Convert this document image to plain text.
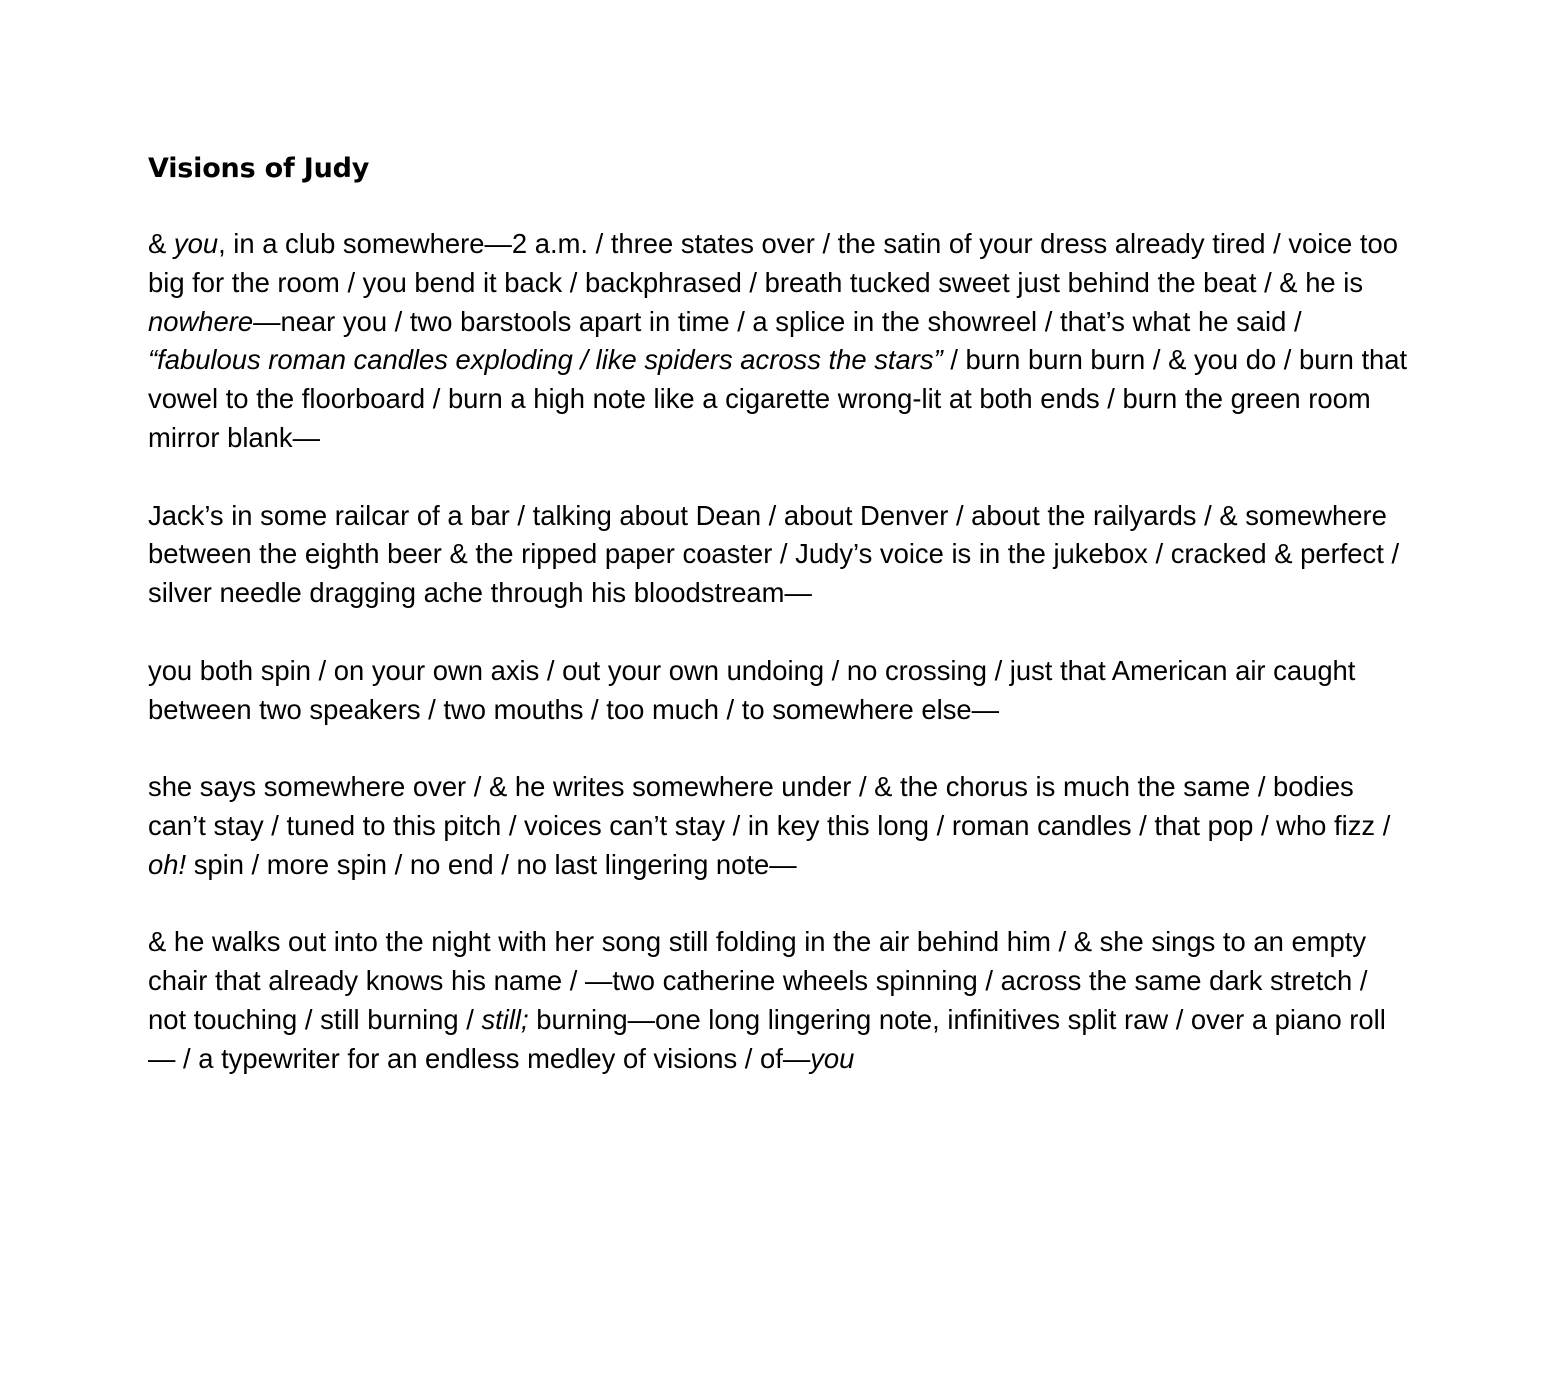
Visions of Judy

& you, in a club somewhere—2 a.m. / three states over / the satin of your dress already tired / voice too big for the room / you bend it back / backphrased / breath tucked sweet just behind the beat / & he is nowhere—near you / two barstools apart in time / a splice in the showreel / that’s what he said / “fabulous roman candles exploding / like spiders across the stars” / burn burn burn / & you do / burn that vowel to the floorboard / burn a high note like a cigarette wrong-lit at both ends / burn the green room mirror blank—

Jack’s in some railcar of a bar / talking about Dean / about Denver / about the railyards / & somewhere between the eighth beer & the ripped paper coaster / Judy’s voice is in the jukebox / cracked & perfect / silver needle dragging ache through his bloodstream—

you both spin / on your own axis / out your own undoing / no crossing / just that American air caught between two speakers / two mouths / too much / to somewhere else—

she says somewhere over / & he writes somewhere under / & the chorus is much the same / bodies can’t stay / tuned to this pitch / voices can’t stay / in key this long / roman candles / that pop / who fizz / oh! spin / more spin / no end / no last lingering note—

& he walks out into the night with her song still folding in the air behind him / & she sings to an empty chair that already knows his name / —two catherine wheels spinning / across the same dark stretch / not touching / still burning / still; burning—one long lingering note, infinitives split raw / over a piano roll — / a typewriter for an endless medley of visions / of—you
